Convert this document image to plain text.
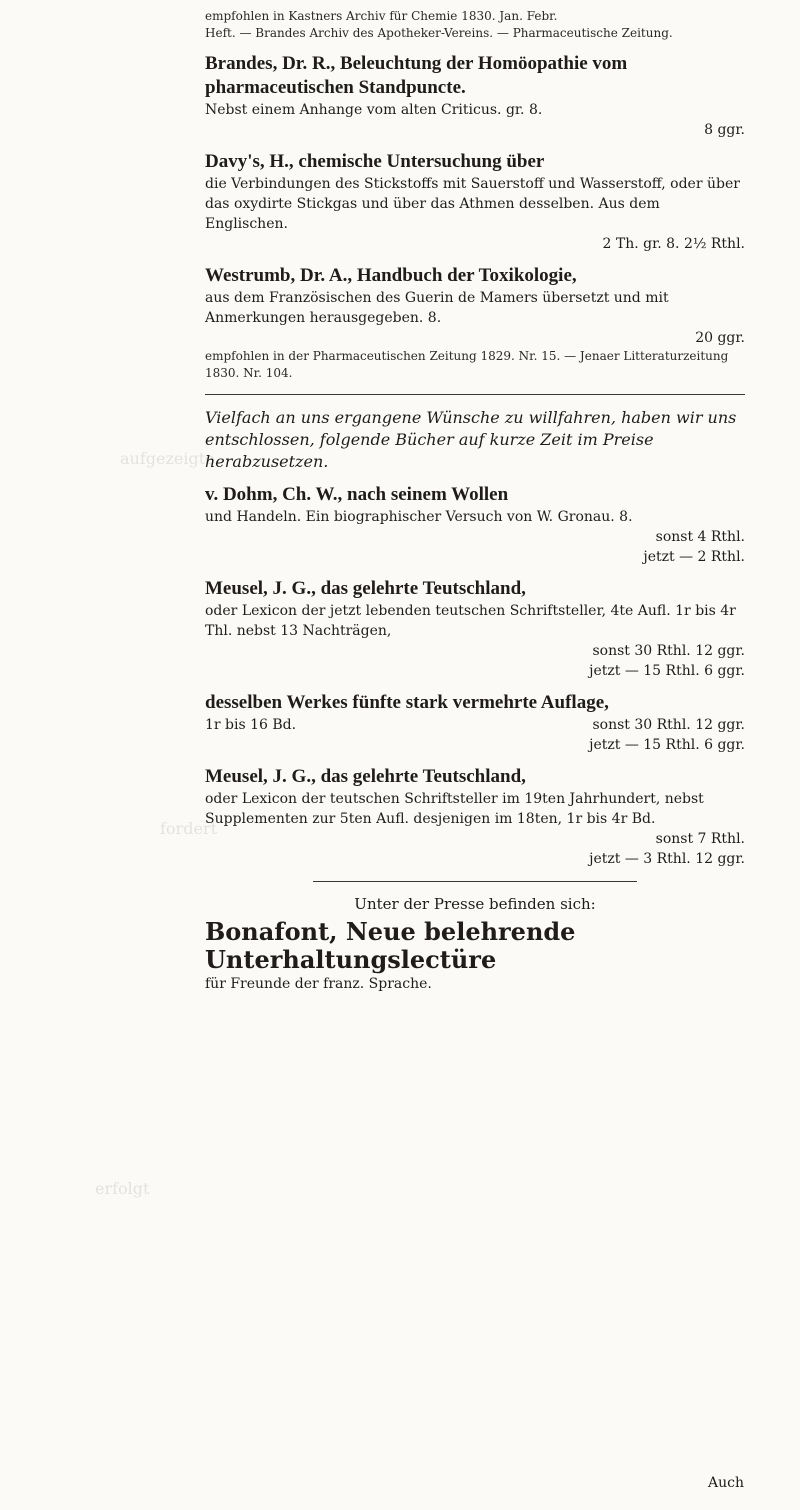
aufgezeigte
fordert
erfolgt

empfohlen in Kastners Archiv für Chemie 1830. Jan. Febr.

Heft. — Brandes Archiv des Apotheker-Vereins. — Pharmaceutische Zeitung.

Brandes, Dr. R., Beleuchtung der Homöopathie vom pharmaceutischen Standpuncte.

Nebst einem Anhange vom alten Criticus. gr. 8.

8 ggr.

Davy's, H., chemische Untersuchung über

die Verbindungen des Stickstoffs mit Sauerstoff und Wasserstoff, oder über das oxydirte Stickgas und über das Athmen desselben. Aus dem Englischen.

2 Th. gr. 8. 2½ Rthl.

Westrumb, Dr. A., Handbuch der Toxikologie,

aus dem Französischen des Guerin de Mamers übersetzt und mit Anmerkungen herausgegeben. 8.

20 ggr.

empfohlen in der Pharmaceutischen Zeitung 1829. Nr. 15. — Jenaer Litteraturzeitung 1830. Nr. 104.

Vielfach an uns ergangene Wünsche zu willfahren, haben wir uns entschlossen, folgende Bücher auf kurze Zeit im Preise herabzusetzen.

v. Dohm, Ch. W., nach seinem Wollen

und Handeln. Ein biographischer Versuch von W. Gronau. 8.

sonst 4 Rthl.
jetzt — 2 Rthl.

Meusel, J. G., das gelehrte Teutschland,

oder Lexicon der jetzt lebenden teutschen Schriftsteller, 4te Aufl. 1r bis 4r Thl. nebst 13 Nachträgen,

sonst 30 Rthl. 12 ggr.
jetzt — 15 Rthl. 6 ggr.

desselben Werkes fünfte stark vermehrte Auflage,

1r bis 16 Bd.	sonst 30 Rthl. 12 ggr.
jetzt — 15 Rthl. 6 ggr.

Meusel, J. G., das gelehrte Teutschland,

oder Lexicon der teutschen Schriftsteller im 19ten Jahrhundert, nebst Supplementen zur 5ten Aufl. desjenigen im 18ten, 1r bis 4r Bd.

sonst 7 Rthl.
jetzt — 3 Rthl. 12 ggr.

Unter der Presse befinden sich:

Bonafont, Neue belehrende Unterhaltungslectüre

für Freunde der franz. Sprache.

Auch
